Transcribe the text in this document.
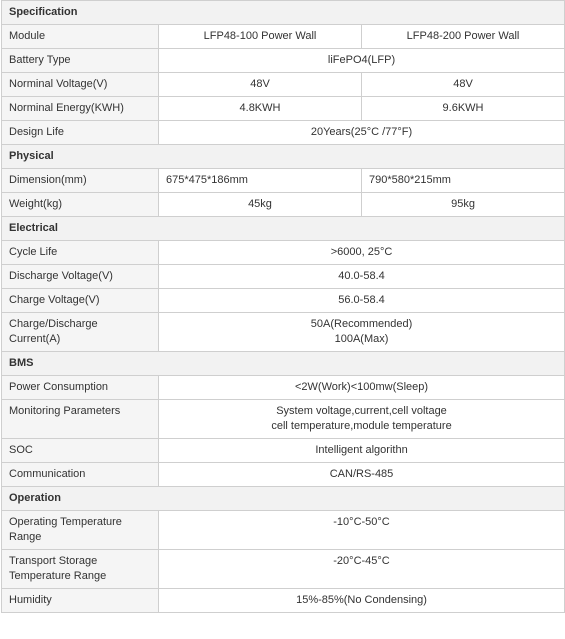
Specification		
Module	LFP48-100 Power Wall	LFP48-200 Power Wall
Battery Type	liFePO4(LFP)	
Norminal Voltage(V)	48V	48V
Norminal Energy(KWH)	4.8KWH	9.6KWH
Design Life	20Years(25°C /77°F)	
Physical		
Dimension(mm)	675*475*186mm	790*580*215mm
Weight(kg)	45kg	95kg
Electrical		
Cycle Life	>6000, 25°C	
Discharge Voltage(V)	40.0-58.4	
Charge Voltage(V)	56.0-58.4	
Charge/Discharge Current(A)	50A(Recommended)
100A(Max)	

BMS		
Power Consumption	<2W(Work)<100mw(Sleep)	
Monitoring Parameters	System voltage,current,cell voltage
cell temperature,module temperature	

SOC	Intelligent algorithn	
Communication	CAN/RS-485	
Operation		

Operating Temperature
Range	-10°C-50°C	

Transport Storage
Temperature Range	-20°C-45°C	
Humidity	15%-85%(No Condensing)	
